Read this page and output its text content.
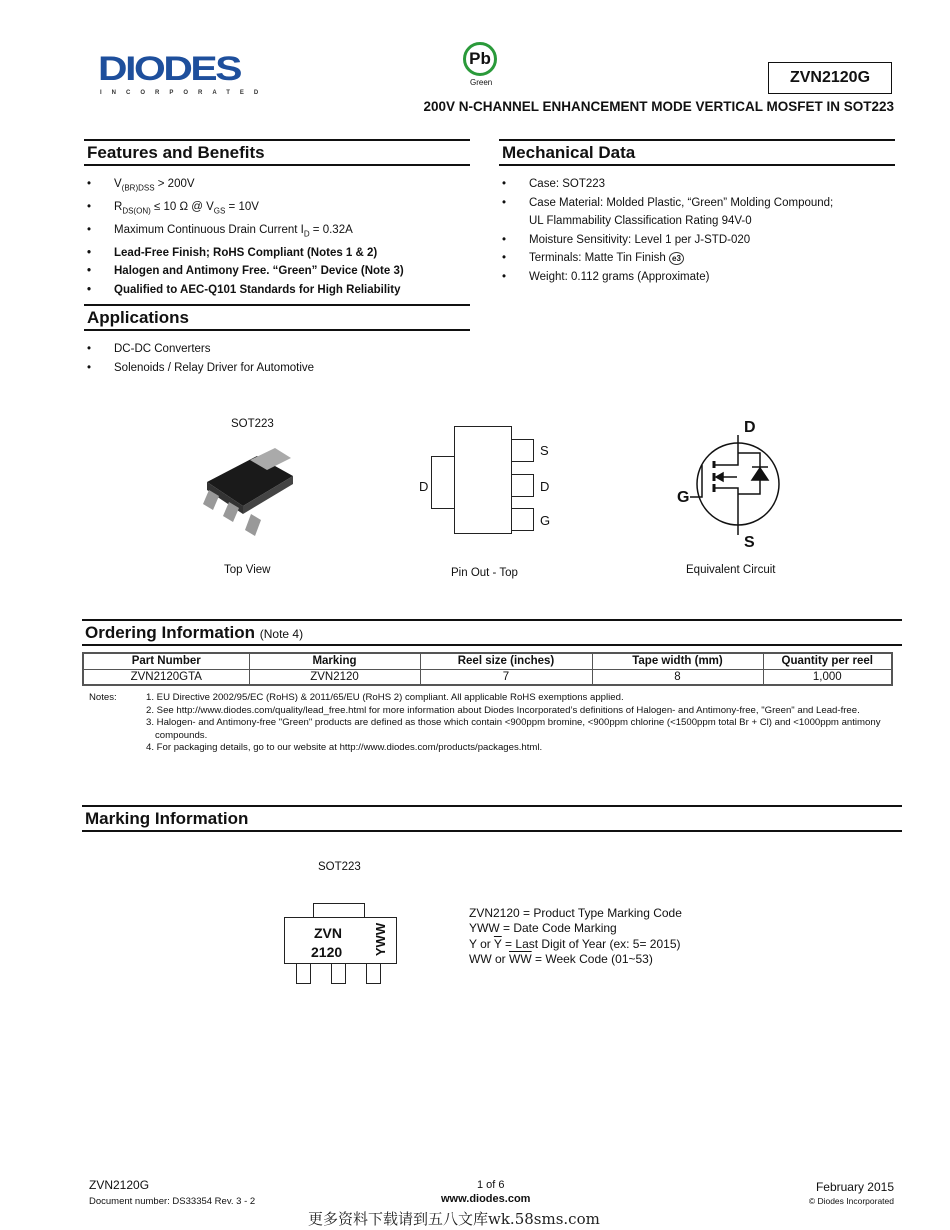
DIODES
INCORPORATED
Pb
Green	ZVN2120G
200V N-CHANNEL ENHANCEMENT MODE VERTICAL MOSFET IN SOT223
Features and Benefits
• $V_{(BR)DSS} > 200V$
• $R_{DS(ON)} \le 10$ Ω @ $V_{GS} = 10V$
• Maximum Continuous Drain Current $I_D = 0.32A$
• Lead-Free Finish; RoHS Compliant (Notes 1 & 2)
• Halogen and Antimony Free. “Green” Device (Note 3)
• Qualified to AEC-Q101 Standards for High Reliability
Mechanical Data
• Case: SOT223
• Case Material: Molded Plastic, “Green” Molding Compound;
UL Flammability Classification Rating 94V-0
• Moisture Sensitivity: Level 1 per J-STD-020
• Terminals: Matte Tin Finish e3
• Weight: 0.112 grams (Approximate)
Applications
• DC-DC Converters
• Solenoids / Relay Driver for Automotive
SOT223
Top View
D
S
D
G
Pin Out - Top
D
G
S
Equivalent Circuit
Ordering Information (Note 4)
Part Number	Marking	Reel size (inches)	Tape width (mm)	Quantity per reel
ZVN2120GTA	ZVN2120	7	8	1,000
Notes:	1. EU Directive 2002/95/EC (RoHS) & 2011/65/EU (RoHS 2) compliant. All applicable RoHS exemptions applied.
2. See http://www.diodes.com/quality/lead_free.html for more information about Diodes Incorporated’s definitions of Halogen- and Antimony-free, "Green" and Lead-free.
3. Halogen- and Antimony-free "Green" products are defined as those which contain <900ppm bromine, <900ppm chlorine (<1500ppm total Br + Cl) and <1000ppm antimony compounds.
4. For packaging details, go to our website at http://www.diodes.com/products/packages.html.
Marking Information
SOT223
ZVN
2120 YWW
ZVN2120 = Product Type Marking Code
YWW = Date Code Marking
Y or $\overline{Y}$ = Last Digit of Year (ex: 5= 2015)
WW or $\overline{WW}$ = Week Code (01~53)
ZVN2120G
Document number: DS33354 Rev. 3 - 2
1 of 6
www.diodes.com
更多资料下载请到五八文库wk.58sms.com
February 2015
© Diodes Incorporated
